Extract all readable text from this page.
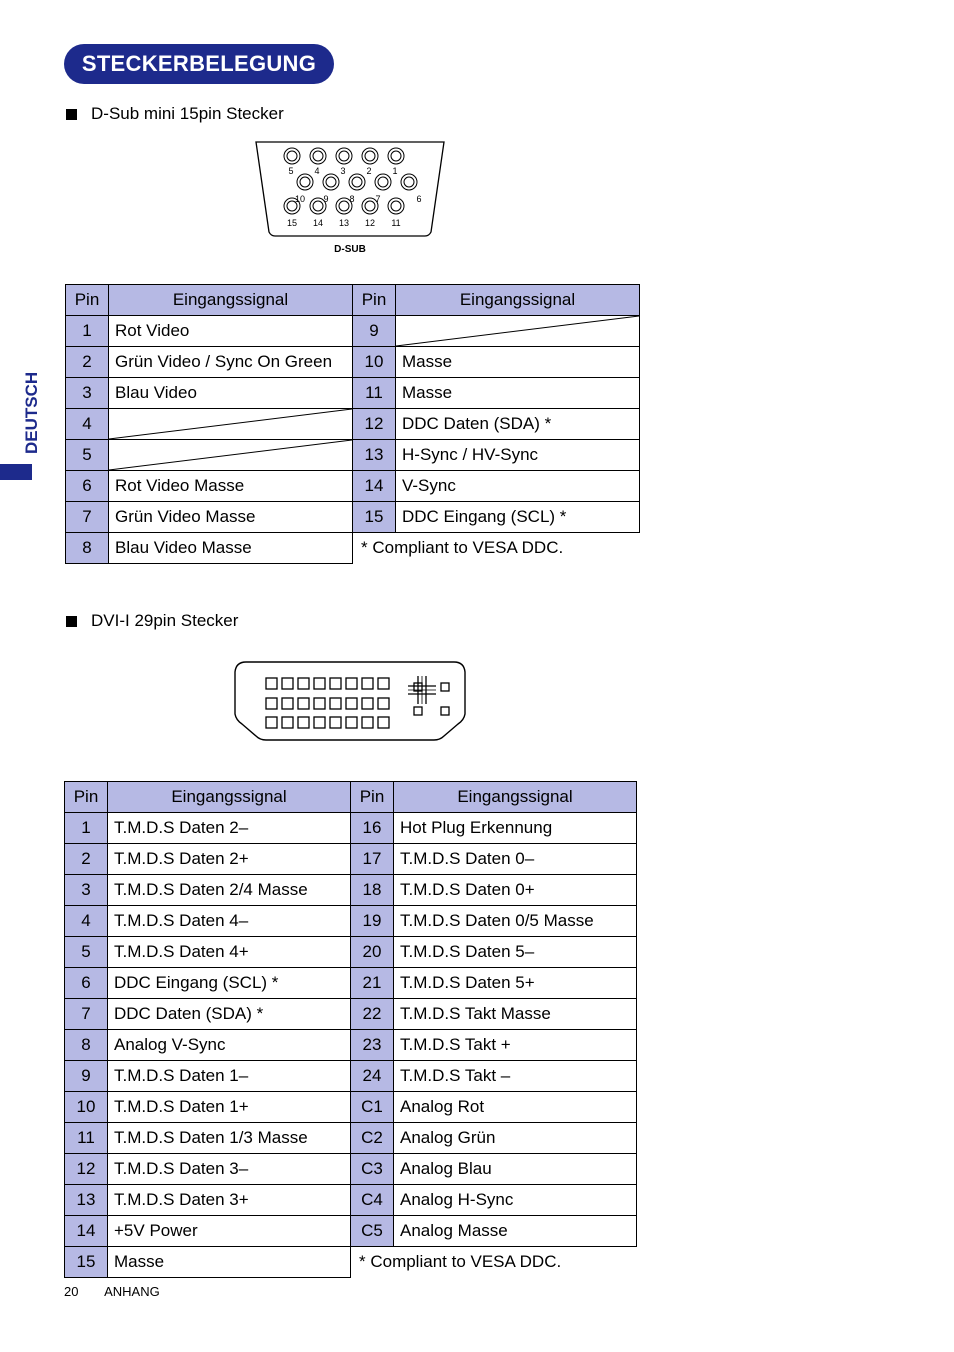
STECKERBELEGUNG
DEUTSCH
D-Sub mini 15pin Stecker
5 4 3 2 1
10 9 8 7	6
15 14 13 12 11
D-SUB
Pin	Eingangssignal	Pin	Eingangssignal
1	Rot Video	9	

2	Grün Video / Sync On Green	10	Masse
3	Blau Video	11	Masse
4		12	DDC Daten (SDA) *
5		13	H-Sync / HV-Sync
6	Rot Video Masse	14	V-Sync
7	Grün Video Masse	15	DDC Eingang (SCL) *
8	Blau Video Masse	* Compliant to VESA DDC.	
DVI-I 29pin Stecker
Pin	Eingangssignal	Pin	Eingangssignal
1	T.M.D.S Daten 2–	16	Hot Plug Erkennung
2	T.M.D.S Daten 2+	17	T.M.D.S Daten 0–
3	T.M.D.S Daten 2/4 Masse	18	T.M.D.S Daten 0+
4	T.M.D.S Daten 4–	19	T.M.D.S Daten 0/5 Masse
5	T.M.D.S Daten 4+	20	T.M.D.S Daten 5–
6	DDC Eingang (SCL) *	21	T.M.D.S Daten 5+
7	DDC Daten (SDA) *	22	T.M.D.S Takt Masse
8	Analog V-Sync	23	T.M.D.S Takt +
9	T.M.D.S Daten 1–	24	T.M.D.S Takt –
10	T.M.D.S Daten 1+	C1	Analog Rot
11	T.M.D.S Daten 1/3 Masse	C2	Analog Grün
12	T.M.D.S Daten 3–	C3	Analog Blau
13	T.M.D.S Daten 3+	C4	Analog H-Sync
14	+5V Power	C5	Analog Masse
15	Masse	* Compliant to VESA DDC.	
20 ANHANG
